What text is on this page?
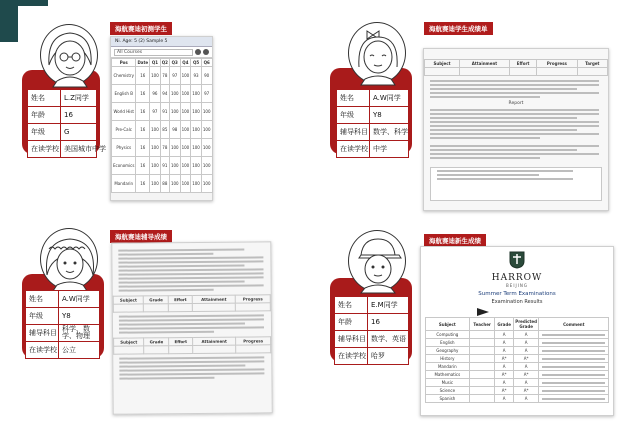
姓名	L.Z同学
年龄	16
年级	G
在读学校	美国城市中学
海航赛迪初测学生
Ni. Age: 5 (2) Sample 5
All Courses
Pos	Date	Q1	Q2	Q3	Q4	Q5	Q6
Chemistry	16	100	78	97	100	93	90
English B	16	96	94	100	100	100	97
World Hist	16	97	91	100	100	100	100
Pre-Calc	16	100	85	98	100	100	100
Physics	16	100	78	100	100	100	100
Economics	16	100	91	100	100	100	100
Mandarin	16	100	88	100	100	100	100
姓名	A.W同学
年级	Y8
辅导科目	数学、科学
在读学校	中学
海航赛迪学生成绩单
Subject	Attainment	Effort	Progress	Target

Report
姓名	A.W同学
年级	Y8
辅导科目	科学、数学、物理
在读学校	公立
海航赛迪辅导成绩
Subject	Grade	Effort	Attainment	Progress

Subject	Grade	Effort	Attainment	Progress

姓名	E.M同学
年龄	16
辅导科目	数学、英语
在读学校	哈罗
海航赛迪新生成绩
HARROW
BEIJING
Summer Term Examinations
Examination Results
Subject	Teacher	Grade	Predicted Grade	Comment
Computing		A	A	

English		A	A	

Geography		A	A	

History		A*	A*	

Mandarin		A	A	

Mathematics		A*	A*	

Music		A	A	

Science		A*	A*	

Spanish		A	A	
